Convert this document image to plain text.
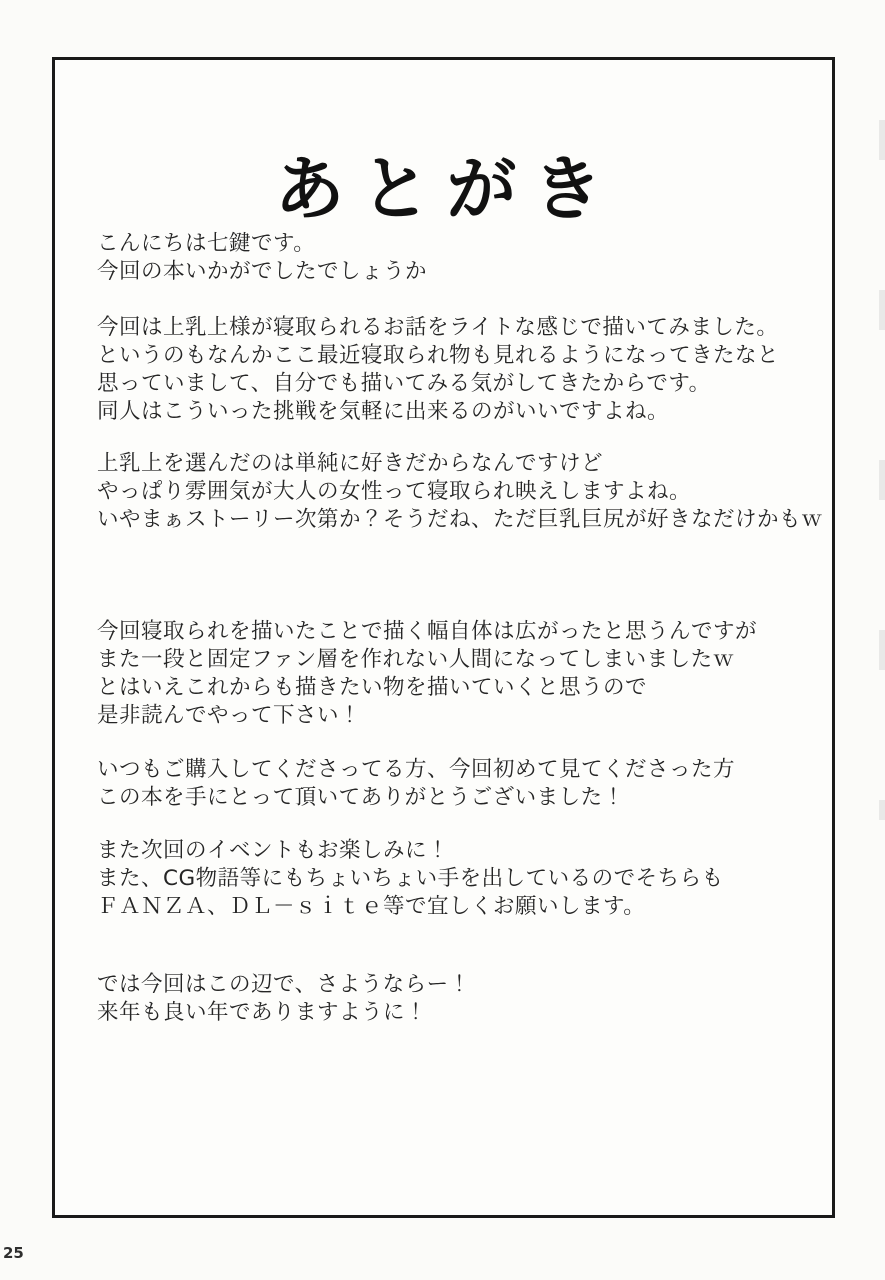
あとがき
こんにちは七鍵です。
今回の本いかがでしたでしょうか
今回は上乳上様が寝取られるお話をライトな感じで描いてみました。
というのもなんかここ最近寝取られ物も見れるようになってきたなと
思っていまして、自分でも描いてみる気がしてきたからです。
同人はこういった挑戦を気軽に出来るのがいいですよね。
上乳上を選んだのは単純に好きだからなんですけど
やっぱり雰囲気が大人の女性って寝取られ映えしますよね。
いやまぁストーリー次第か？そうだね、ただ巨乳巨尻が好きなだけかもｗ
今回寝取られを描いたことで描く幅自体は広がったと思うんですが
また一段と固定ファン層を作れない人間になってしまいましたｗ
とはいえこれからも描きたい物を描いていくと思うので
是非読んでやって下さい！
いつもご購入してくださってる方、今回初めて見てくださった方
この本を手にとって頂いてありがとうございました！
また次回のイベントもお楽しみに！
また、CG物語等にもちょいちょい手を出しているのでそちらも
ＦＡＮＺＡ、ＤＬ－ｓｉｔｅ等で宜しくお願いします。
では今回はこの辺で、さようならー！
来年も良い年でありますように！
25
